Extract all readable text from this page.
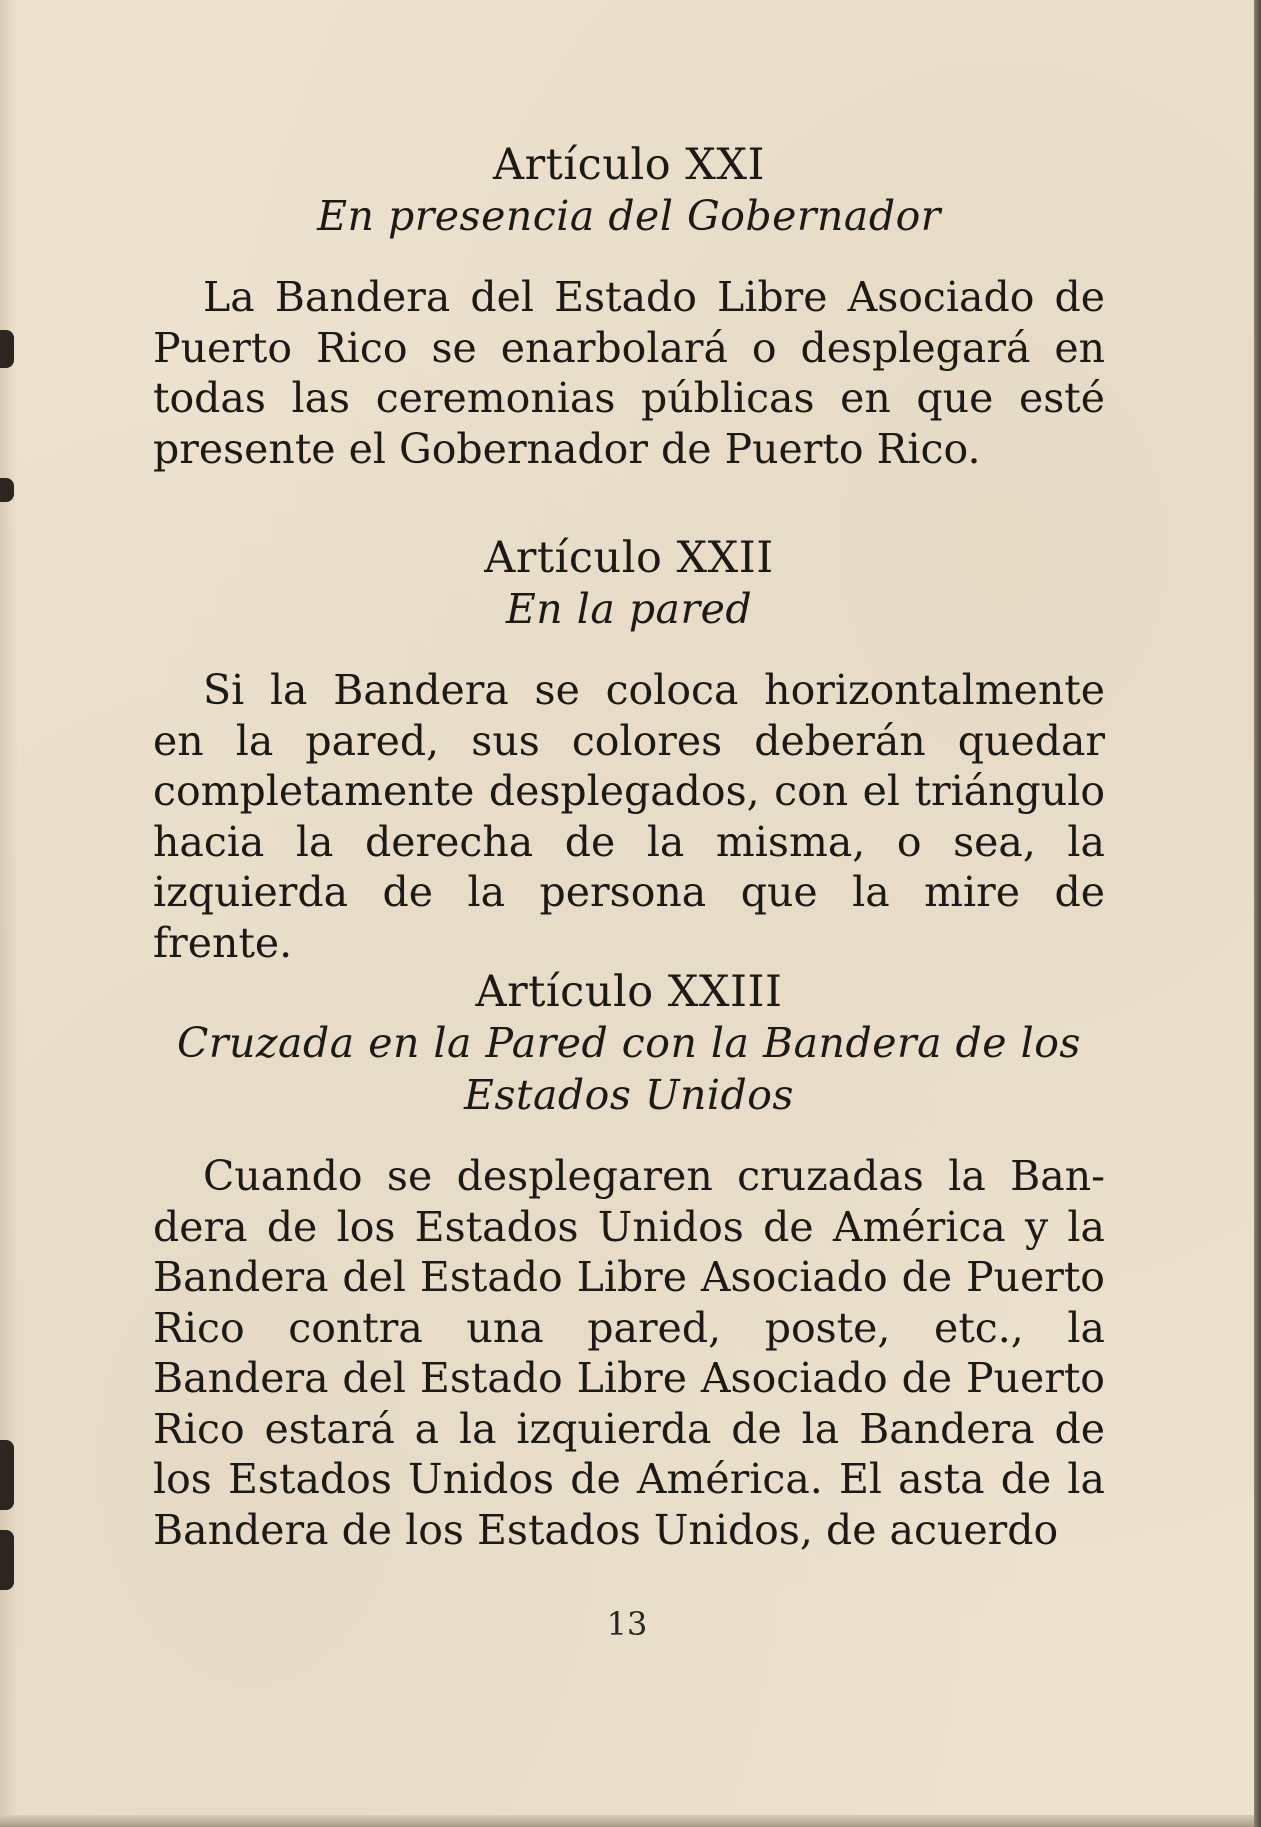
Artículo XXI
En presencia del Gobernador

La Bandera del Estado Libre Asociado de Puerto Rico se enarbolará o desplegará en todas las ceremonias públicas en que esté presente el Gobernador de Puerto Rico.

Artículo XXII
En la pared

Si la Bandera se coloca horizontalmente en la pared, sus colores deberán quedar completamente desplegados, con el triángulo hacia la derecha de la misma, o sea, la izquierda de la persona que la mire de frente.

Artículo XXIII
Cruzada en la Pared con la Bandera de los Estados Unidos

Cuando se desplegaren cruzadas la Bandera de los Estados Unidos de América y la Bandera del Estado Libre Asociado de Puerto Rico contra una pared, poste, etc., la Bandera del Estado Libre Asociado de Puerto Rico estará a la izquierda de la Bandera de los Estados Unidos de América. El asta de la Bandera de los Estados Unidos, de acuerdo

13
